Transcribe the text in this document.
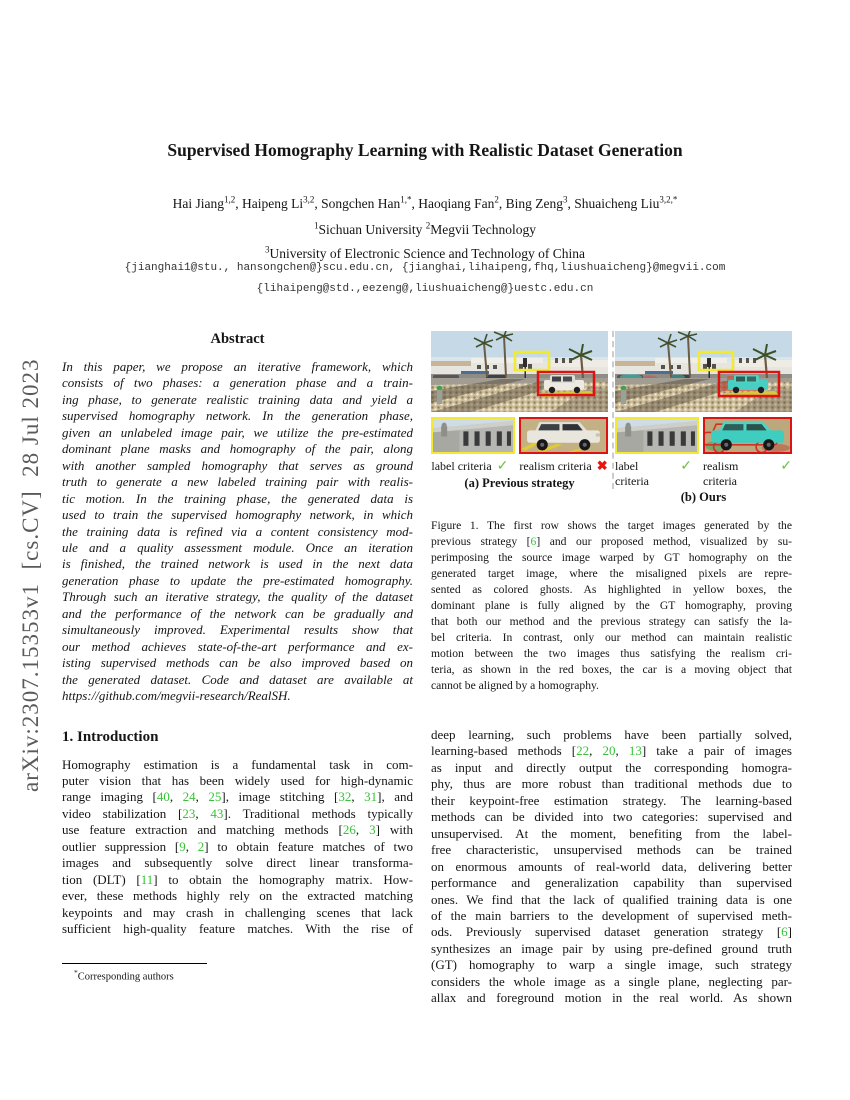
arXiv:2307.15353v1  [cs.CV]  28 Jul 2023
Supervised Homography Learning with Realistic Dataset Generation
Hai Jiang$^{1,2}$, Haipeng Li$^{3,2}$, Songchen Han$^{1,*}$, Haoqiang Fan$^2$, Bing Zeng$^3$, Shuaicheng Liu$^{3,2,*}$
$^1$Sichuan University $^2$Megvii Technology
$^3$University of Electronic Science and Technology of China
{jianghai1@stu., hansongchen@}scu.edu.cn, {jianghai,lihaipeng,fhq,liushuaicheng}@megvii.com
{lihaipeng@std.,eezeng@,liushuaicheng@}uestc.edu.cn
Abstract
In this paper, we propose an iterative framework, which
consists of two phases: a generation phase and a train-
ing phase, to generate realistic training data and yield a
supervised homography network. In the generation phase,
given an unlabeled image pair, we utilize the pre-estimated
dominant plane masks and homography of the pair, along
with another sampled homography that serves as ground
truth to generate a new labeled training pair with realis-
tic motion. In the training phase, the generated data is
used to train the supervised homography network, in which
the training data is refined via a content consistency mod-
ule and a quality assessment module. Once an iteration
is finished, the trained network is used in the next data
generation phase to update the pre-estimated homography.
Through such an iterative strategy, the quality of the dataset
and the performance of the network can be gradually and
simultaneously improved. Experimental results show that
our method achieves state-of-the-art performance and ex-
isting supervised methods can be also improved based on
the generated dataset. Code and dataset are available at
https://github.com/megvii-research/RealSH.
1. Introduction
Homography estimation is a fundamental task in com-
puter vision that has been widely used for high-dynamic
range imaging [40, 24, 25], image stitching [32, 31], and
video stabilization [23, 43]. Traditional methods typically
use feature extraction and matching methods [26, 3] with
outlier suppression [9, 2] to obtain feature matches of two
images and subsequently solve direct linear transforma-
tion (DLT) [11] to obtain the homography matrix. How-
ever, these methods highly rely on the extracted matching
keypoints and may crash in challenging scenes that lack
sufficient high-quality feature matches. With the rise of
*Corresponding authors
label criteria ✓ realism criteria ✖
(a) Previous strategy
label criteria
✓ realism criteria
✓
(b) Ours
Figure 1. The first row shows the target images generated by the
previous strategy [6] and our proposed method, visualized by su-
perimposing the source image warped by GT homography on the
generated target image, where the misaligned pixels are repre-
sented as colored ghosts. As highlighted in yellow boxes, the
dominant plane is fully aligned by the GT homography, proving
that both our method and the previous strategy can satisfy the la-
bel criteria. In contrast, only our method can maintain realistic
motion between the two images thus satisfying the realism cri-
teria, as shown in the red boxes, the car is a moving object that
cannot be aligned by a homography.
deep learning, such problems have been partially solved,
learning-based methods [22, 20, 13] take a pair of images
as input and directly output the corresponding homogra-
phy, thus are more robust than traditional methods due to
their keypoint-free estimation strategy. The learning-based
methods can be divided into two categories: supervised and
unsupervised. At the moment, benefiting from the label-
free characteristic, unsupervised methods can be trained
on enormous amounts of real-world data, delivering better
performance and generalization capability than supervised
ones. We find that the lack of qualified training data is one
of the main barriers to the development of supervised meth-
ods. Previously supervised dataset generation strategy [6]
synthesizes an image pair by using pre-defined ground truth
(GT) homography to warp a single image, such strategy
considers the whole image as a single plane, neglecting par-
allax and foreground motion in the real world. As shown
